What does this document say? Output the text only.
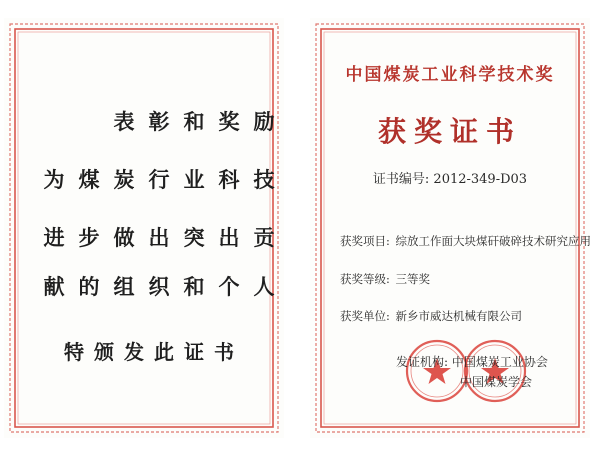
表 彰 和 奖 励
为 煤 炭 行 业 科 技
进 步 做 出 突 出 贡
献 的 组 织 和 个 人
特颁发此证书
中国煤炭工业科学技术奖
获奖证书
证书编号: 2012-349-D03
获奖项目: 综放工作面大块煤矸破碎技术研究应用
获奖等级: 三等奖
获奖单位: 新乡市威达机械有限公司
发证机构: 中国煤炭工业协会
中国煤炭学会
